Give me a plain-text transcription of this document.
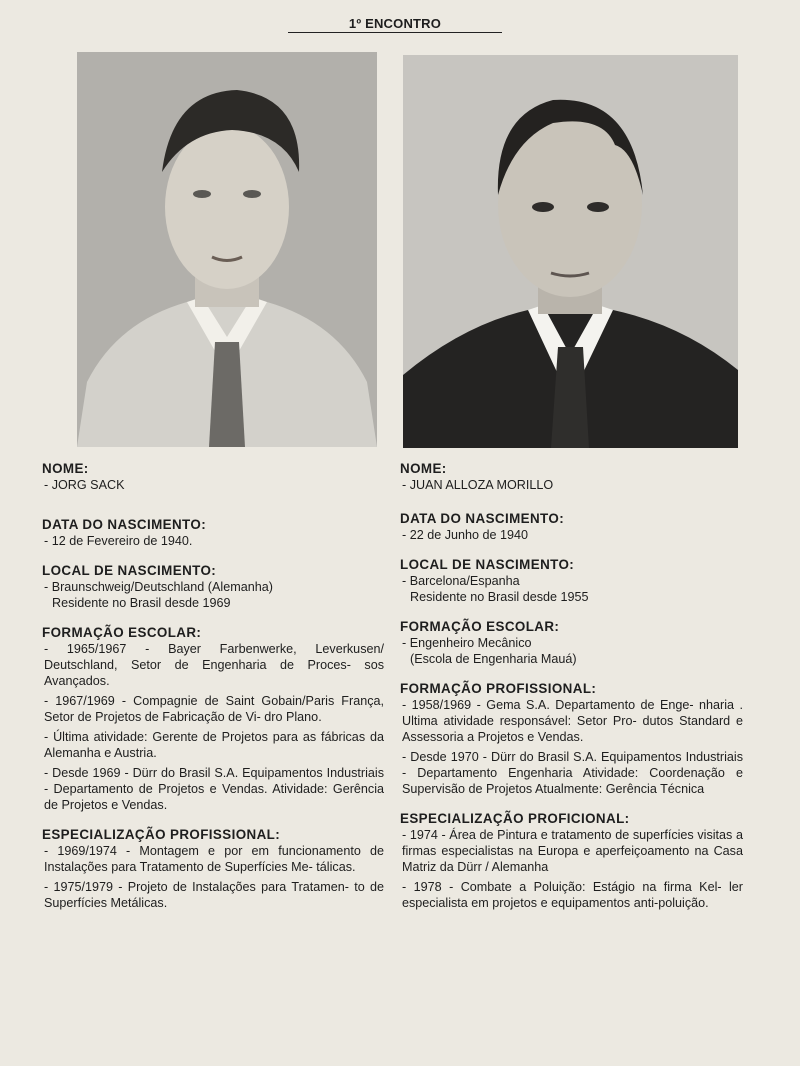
1º ENCONTRO

NOME:

- JORG SACK

DATA DO NASCIMENTO:

- 12 de Fevereiro de 1940.

LOCAL DE NASCIMENTO:

- Braunschweig/Deutschland (Alemanha)

Residente no Brasil desde 1969

FORMAÇÃO ESCOLAR:

- 1965/1967 - Bayer Farbenwerke, Leverkusen/ Deutschland, Setor de Engenharia de Proces- sos Avançados.

- 1967/1969 - Compagnie de Saint Gobain/Paris França, Setor de Projetos de Fabricação de Vi- dro Plano.

- Última atividade: Gerente de Projetos para as fábricas da Alemanha e Austria.

- Desde 1969 - Dürr do Brasil S.A. Equipamentos Industriais - Departamento de Projetos e Vendas. Atividade: Gerência de Projetos e Vendas.

ESPECIALIZAÇÃO PROFISSIONAL:

- 1969/1974 - Montagem e por em funcionamento de Instalações para Tratamento de Superfícies Me- tálicas.

- 1975/1979 - Projeto de Instalações para Tratamen- to de Superfícies Metálicas.

NOME:

- JUAN ALLOZA MORILLO

DATA DO NASCIMENTO:

- 22 de Junho de 1940

LOCAL DE NASCIMENTO:

- Barcelona/Espanha

Residente no Brasil desde 1955

FORMAÇÃO ESCOLAR:

- Engenheiro Mecânico

(Escola de Engenharia Mauá)

FORMAÇÃO PROFISSIONAL:

- 1958/1969 - Gema S.A. Departamento de Enge- nharia . Ultima atividade responsável: Setor Pro- dutos Standard e Assessoria a Projetos e Vendas.

- Desde 1970 - Dürr do Brasil S.A. Equipamentos Industriais - Departamento Engenharia Atividade: Coordenação e Supervisão de Projetos Atualmente: Gerência Técnica

ESPECIALIZAÇÃO PROFICIONAL:

- 1974 - Área de Pintura e tratamento de superfícies visitas a firmas especialistas na Europa e aperfeiçoamento na Casa Matriz da Dürr / Alemanha

- 1978 - Combate a Poluição: Estágio na firma Kel- ler especialista em projetos e equipamentos anti-poluição.
